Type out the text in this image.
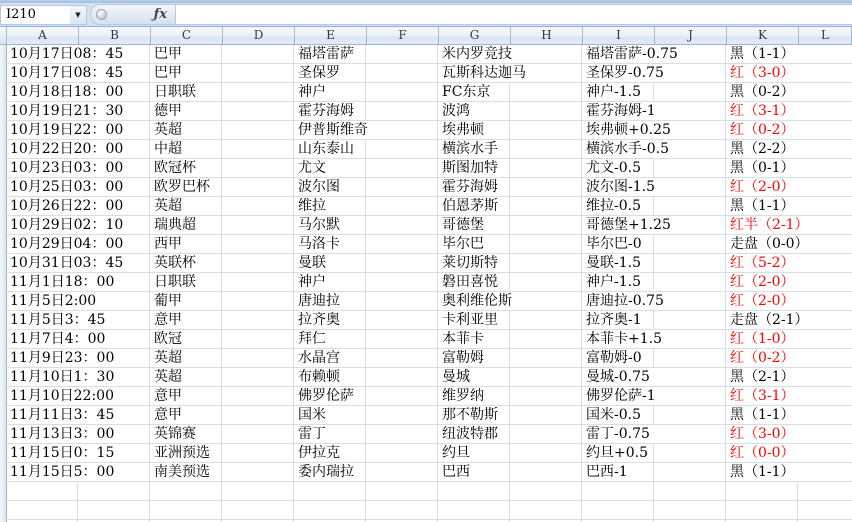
I210	▼	ƒx
A	B	C	D	E	F	G	H	I	J	K	L
10月17日08：45	巴甲	福塔雷萨	米内罗竞技	福塔雷萨-0.75	黑（1-1）
10月17日08：45	巴甲	圣保罗	瓦斯科达迦马	圣保罗-0.75	红（3-0）
10月18日18：00	日职联	神户	FC东京	神户-1.5	黑（0-2）
10月19日21：30	德甲	霍芬海姆	波鸿	霍芬海姆-1	红（3-1）
10月19日22：00	英超	伊普斯维奇	埃弗顿	埃弗顿+0.25	红（0-2）
10月22日20：00	中超	山东泰山	横滨水手	横滨水手-0.5	黑（2-2）
10月23日03：00	欧冠杯	尤文	斯图加特	尤文-0.5	黑（0-1）
10月25日03：00	欧罗巴杯	波尔图	霍芬海姆	波尔图-1.5	红（2-0）
10月26日22：00	英超	维拉	伯恩茅斯	维拉-0.5	黑（1-1）
10月29日02：10	瑞典超	马尔默	哥德堡	哥德堡+1.25	红半（2-1）
10月29日04：00	西甲	马洛卡	毕尔巴	毕尔巴-0	走盘（0-0）
10月31日03：45	英联杯	曼联	莱切斯特	曼联-1.5	红（5-2）
11月1日18：00	日职联	神户	磐田喜悦	神户-1.5	红（2-0）
11月5日2:00	葡甲	唐迪拉	奥利维伦斯	唐迪拉-0.75	红（2-0）
11月5日3：45	意甲	拉齐奥	卡利亚里	拉齐奥-1	走盘（2-1）
11月7日4：00	欧冠	拜仁	本菲卡	本菲卡+1.5	红（1-0）
11月9日23：00	英超	水晶宫	富勒姆	富勒姆-0	红（0-2）
11月10日1：30	英超	布赖顿	曼城	曼城-0.75	黑（2-1）
11月10日22:00	意甲	佛罗伦萨	维罗纳	佛罗伦萨-1	红（3-1）
11月11日3：45	意甲	国米	那不勒斯	国米-0.5	黑（1-1）
11月13日3：00	英锦赛	雷丁	纽波特郡	雷丁-0.75	红（3-0）
11月15日0：15	亚洲预选	伊拉克	约旦	约旦+0.5	红（0-0）
11月15日5：00	南美预选	委内瑞拉	巴西	巴西-1	黑（1-1）
